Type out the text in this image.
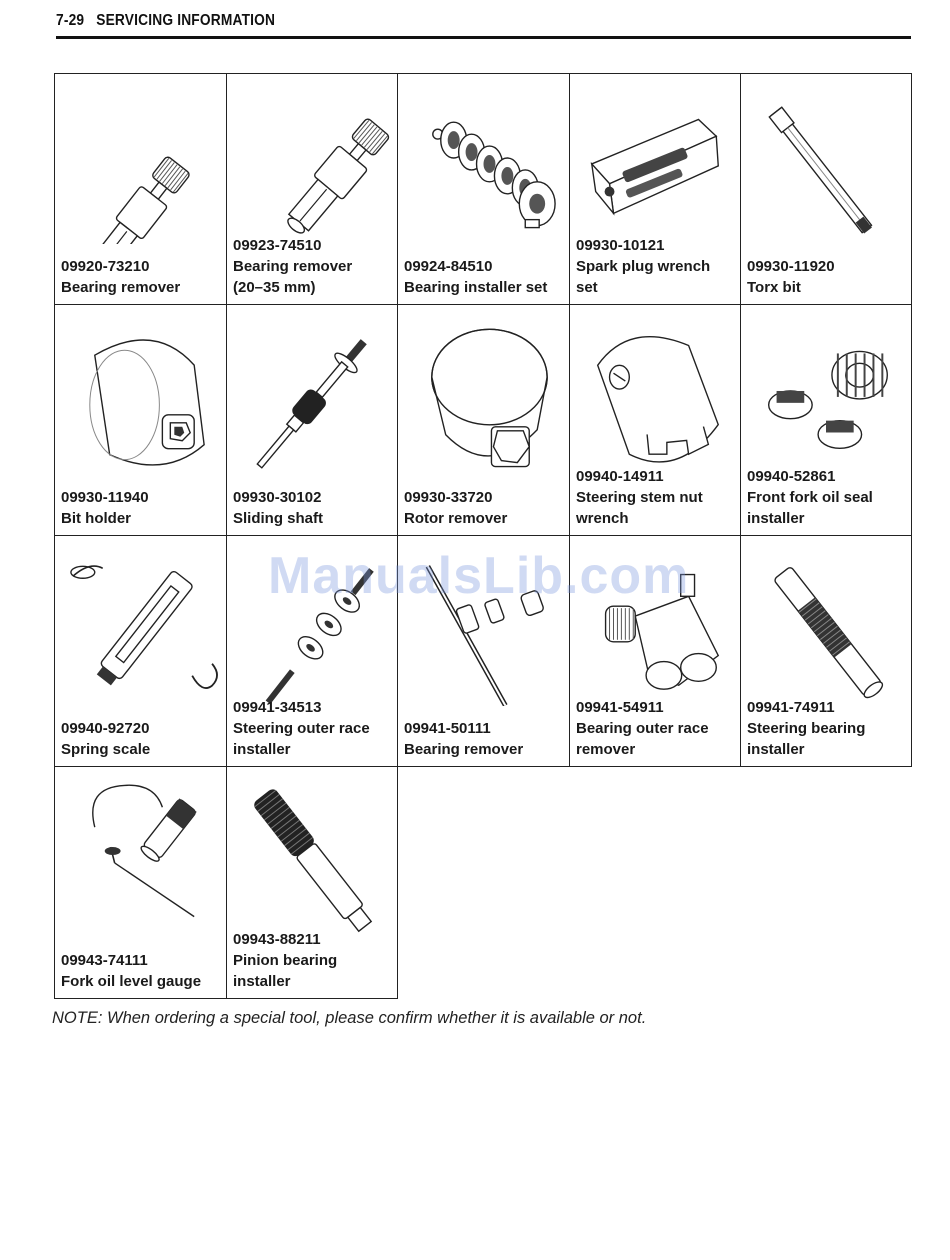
7-29 SERVICING INFORMATION
09920-73210
Bearing remover
09923-74510
Bearing remover
(20–35 mm)
09924-84510
Bearing installer set
09930-10121
Spark plug wrench
set
09930-11920
Torx bit
09930-11940
Bit holder
09930-30102
Sliding shaft
09930-33720
Rotor remover
09940-14911
Steering stem nut
wrench
09940-52861
Front fork oil seal
installer
09940-92720
Spring scale
09941-34513
Steering outer race
installer
09941-50111
Bearing remover
09941-54911
Bearing outer race
remover
09941-74911
Steering bearing
installer
09943-74111
Fork oil level gauge
09943-88211
Pinion bearing
installer
NOTE: When ordering a special tool, please confirm whether it is available or not.
ManualsLib.com
